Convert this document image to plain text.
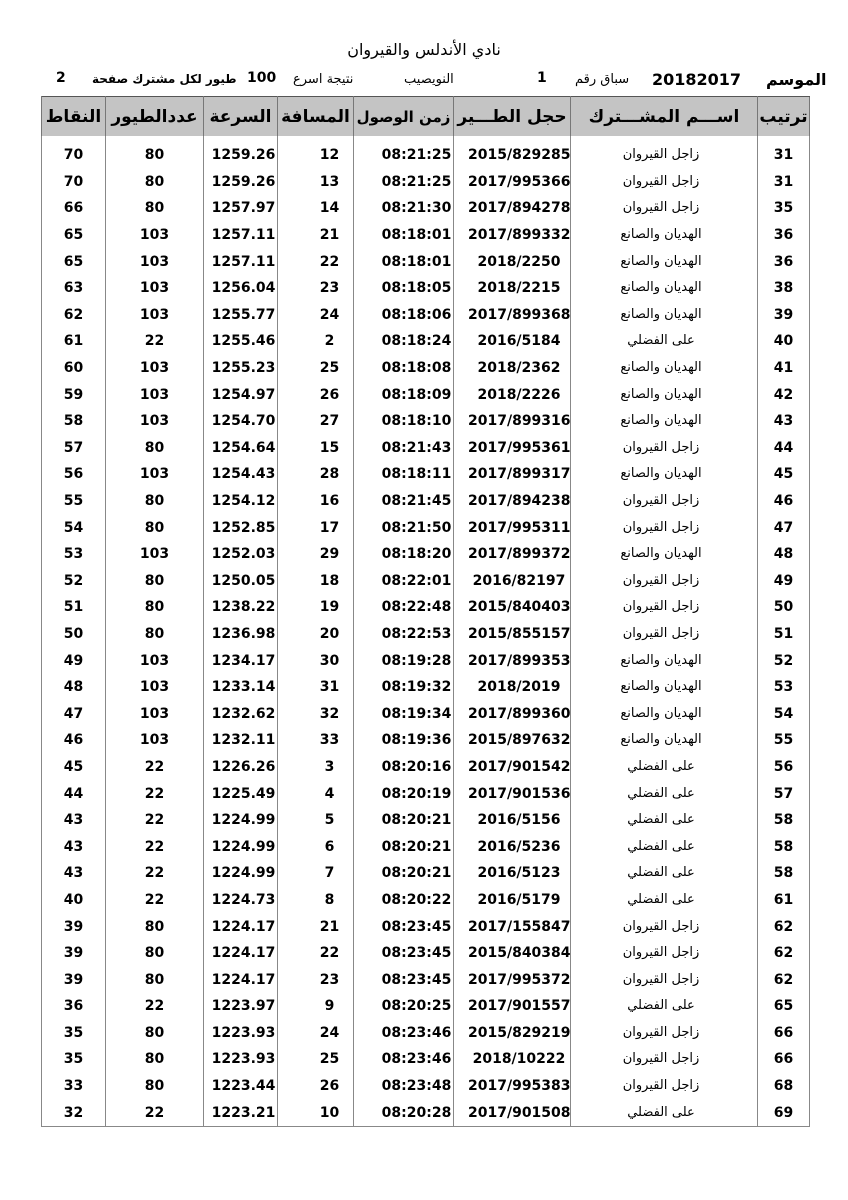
نادي الأندلس والقيروان
الموسم
20182017
سباق رقم
1
النويصيب
نتيجة اسرع
100
طيور لكل مشترك صفحة
2
ترتيب	اســـم المشـــترك	حجل الطـــير	زمن الوصول	المسافة	السرعة	عددالطيور	النقاط

31	زاجل القيروان	2015/829285	08:21:25	12	1259.26	80	70
31	زاجل القيروان	2017/995366	08:21:25	13	1259.26	80	70
35	زاجل القيروان	2017/894278	08:21:30	14	1257.97	80	66
36	الهديان والصانع	2017/899332	08:18:01	21	1257.11	103	65
36	الهديان والصانع	2018/2250	08:18:01	22	1257.11	103	65
38	الهديان والصانع	2018/2215	08:18:05	23	1256.04	103	63
39	الهديان والصانع	2017/899368	08:18:06	24	1255.77	103	62
40	على الفضلي	2016/5184	08:18:24	2	1255.46	22	61
41	الهديان والصانع	2018/2362	08:18:08	25	1255.23	103	60
42	الهديان والصانع	2018/2226	08:18:09	26	1254.97	103	59
43	الهديان والصانع	2017/899316	08:18:10	27	1254.70	103	58
44	زاجل القيروان	2017/995361	08:21:43	15	1254.64	80	57
45	الهديان والصانع	2017/899317	08:18:11	28	1254.43	103	56
46	زاجل القيروان	2017/894238	08:21:45	16	1254.12	80	55
47	زاجل القيروان	2017/995311	08:21:50	17	1252.85	80	54
48	الهديان والصانع	2017/899372	08:18:20	29	1252.03	103	53
49	زاجل القيروان	2016/82197	08:22:01	18	1250.05	80	52
50	زاجل القيروان	2015/840403	08:22:48	19	1238.22	80	51
51	زاجل القيروان	2015/855157	08:22:53	20	1236.98	80	50
52	الهديان والصانع	2017/899353	08:19:28	30	1234.17	103	49
53	الهديان والصانع	2018/2019	08:19:32	31	1233.14	103	48
54	الهديان والصانع	2017/899360	08:19:34	32	1232.62	103	47
55	الهديان والصانع	2015/897632	08:19:36	33	1232.11	103	46
56	على الفضلي	2017/901542	08:20:16	3	1226.26	22	45
57	على الفضلي	2017/901536	08:20:19	4	1225.49	22	44
58	على الفضلي	2016/5156	08:20:21	5	1224.99	22	43
58	على الفضلي	2016/5236	08:20:21	6	1224.99	22	43
58	على الفضلي	2016/5123	08:20:21	7	1224.99	22	43
61	على الفضلي	2016/5179	08:20:22	8	1224.73	22	40
62	زاجل القيروان	2017/155847	08:23:45	21	1224.17	80	39
62	زاجل القيروان	2015/840384	08:23:45	22	1224.17	80	39
62	زاجل القيروان	2017/995372	08:23:45	23	1224.17	80	39
65	على الفضلي	2017/901557	08:20:25	9	1223.97	22	36
66	زاجل القيروان	2015/829219	08:23:46	24	1223.93	80	35
66	زاجل القيروان	2018/10222	08:23:46	25	1223.93	80	35
68	زاجل القيروان	2017/995383	08:23:48	26	1223.44	80	33
69	على الفضلي	2017/901508	08:20:28	10	1223.21	22	32
